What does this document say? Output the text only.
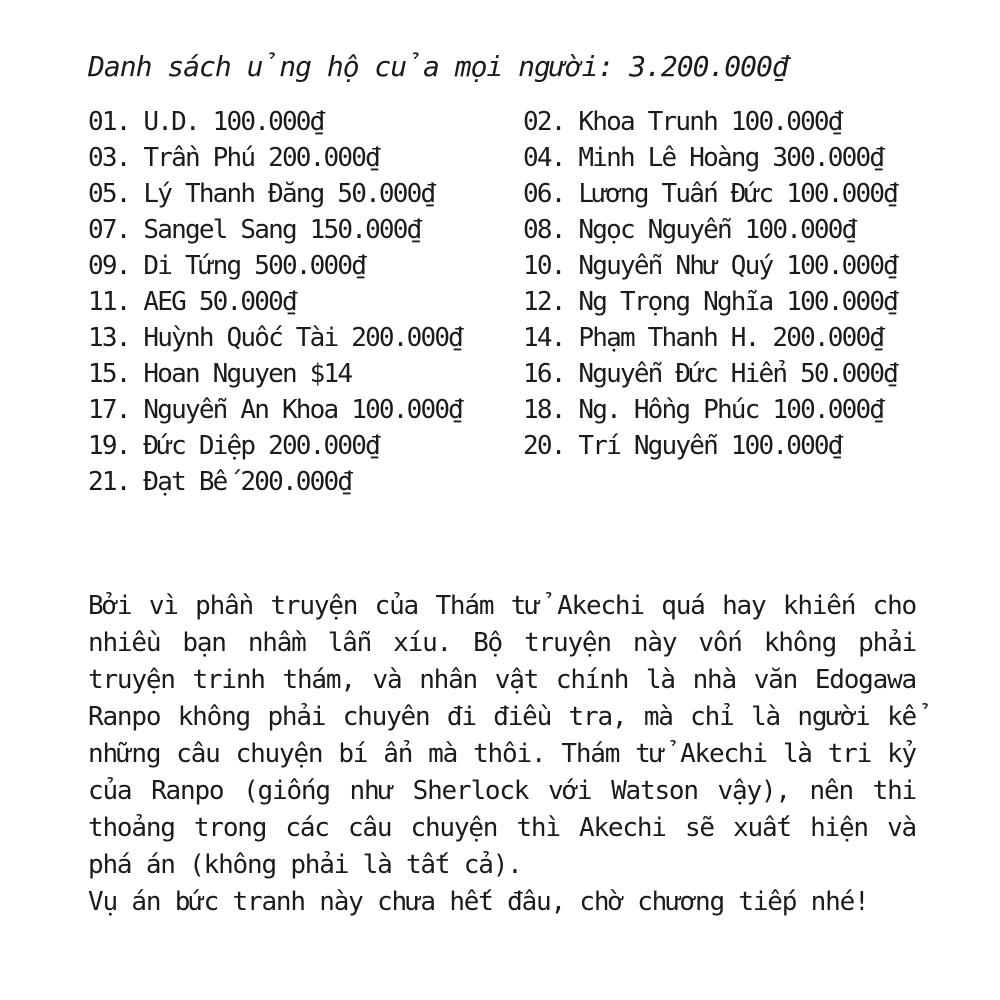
Danh sách ủng hộ của mọi người: 3.200.000₫
01. U.D. 100.000₫
03. Trần Phú 200.000₫
05. Lý Thanh Đăng 50.000₫
07. Sangel Sang 150.000₫
09. Di Tứng 500.000₫
11. AEG 50.000₫
13. Huỳnh Quốc Tài 200.000₫
15. Hoan Nguyen $14
17. Nguyễn An Khoa 100.000₫
19. Đức Diệp 200.000₫
21. Đạt Bế 200.000₫
02. Khoa Trunh 100.000₫
04. Minh Lê Hoàng 300.000₫
06. Lương Tuấn Đức 100.000₫
08. Ngọc Nguyễn 100.000₫
10. Nguyễn Như Quý 100.000₫
12. Ng Trọng Nghĩa 100.000₫
14. Phạm Thanh H. 200.000₫
16. Nguyễn Đức Hiển 50.000₫
18. Ng. Hồng Phúc 100.000₫
20. Trí Nguyễn 100.000₫
Bởi vì phần truyện của Thám tử Akechi quá hay khiến cho
nhiều bạn nhầm lẫn xíu. Bộ truyện này vốn không phải
truyện trinh thám, và nhân vật chính là nhà văn Edogawa
Ranpo không phải chuyên đi điều tra, mà chỉ là người kể
những câu chuyện bí ẩn mà thôi. Thám tử Akechi là tri kỷ
của Ranpo (giống như Sherlock với Watson vậy), nên thi
thoảng trong các câu chuyện thì Akechi sẽ xuất hiện và
phá án (không phải là tất cả).
Vụ án bức tranh này chưa hết đâu, chờ chương tiếp nhé!
